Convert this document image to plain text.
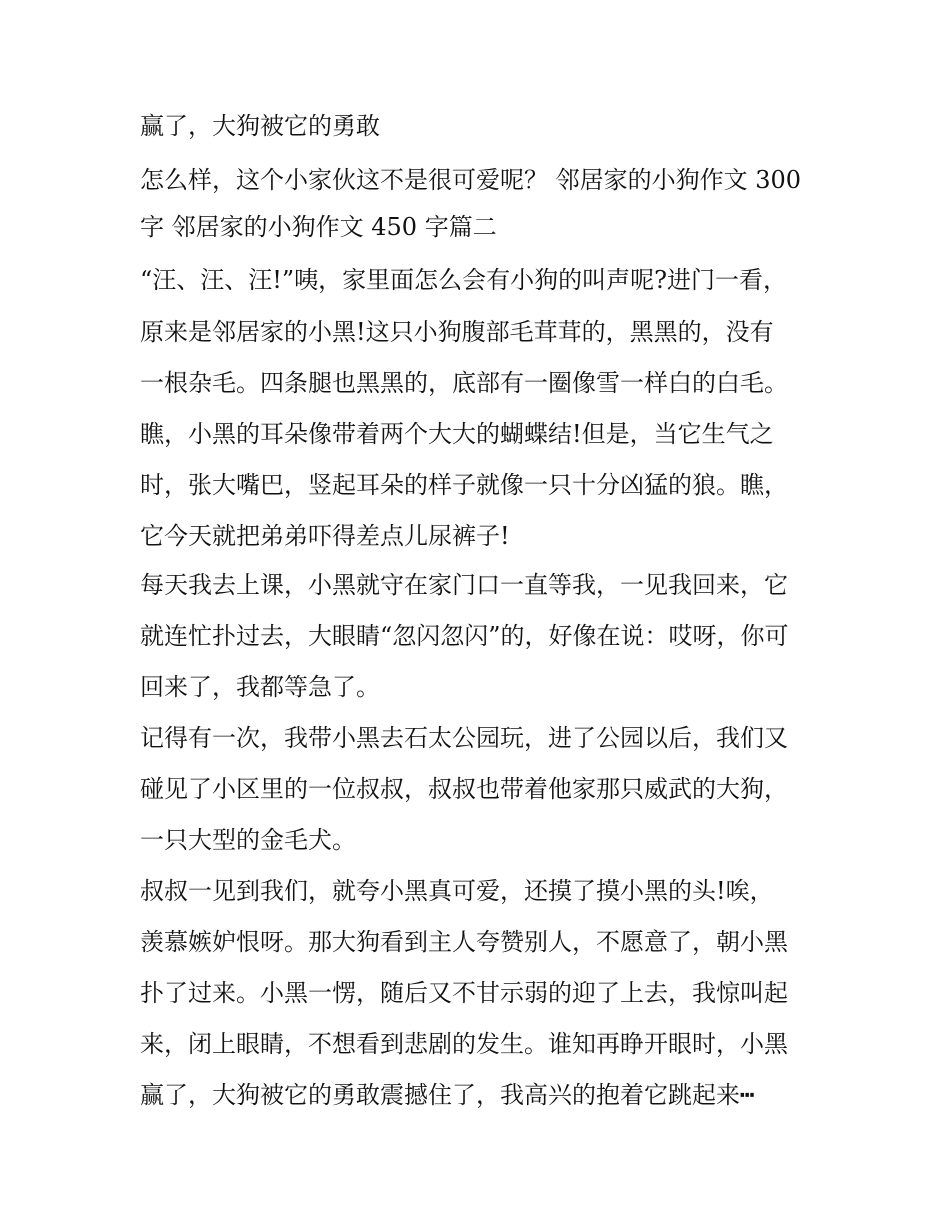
赢了，大狗被它的勇敢
怎么样，这个小家伙这不是很可爱呢？ 邻居家的小狗作文 300
字 邻居家的小狗作文 450 字篇二
“汪、汪、汪!”咦，家里面怎么会有小狗的叫声呢?进门一看，
原来是邻居家的小黑!这只小狗腹部毛茸茸的，黑黑的，没有
一根杂毛。四条腿也黑黑的，底部有一圈像雪一样白的白毛。
瞧，小黑的耳朵像带着两个大大的蝴蝶结!但是，当它生气之
时，张大嘴巴，竖起耳朵的样子就像一只十分凶猛的狼。瞧，
它今天就把弟弟吓得差点儿尿裤子!
每天我去上课，小黑就守在家门口一直等我，一见我回来，它
就连忙扑过去，大眼睛“忽闪忽闪”的，好像在说：哎呀，你可
回来了，我都等急了。
记得有一次，我带小黑去石太公园玩，进了公园以后，我们又
碰见了小区里的一位叔叔，叔叔也带着他家那只威武的大狗，
一只大型的金毛犬。
叔叔一见到我们，就夸小黑真可爱，还摸了摸小黑的头!唉，
羡慕嫉妒恨呀。那大狗看到主人夸赞别人，不愿意了，朝小黑
扑了过来。小黑一愣，随后又不甘示弱的迎了上去，我惊叫起
来，闭上眼睛，不想看到悲剧的发生。谁知再睁开眼时，小黑
赢了，大狗被它的勇敢震撼住了，我高兴的抱着它跳起来┅
